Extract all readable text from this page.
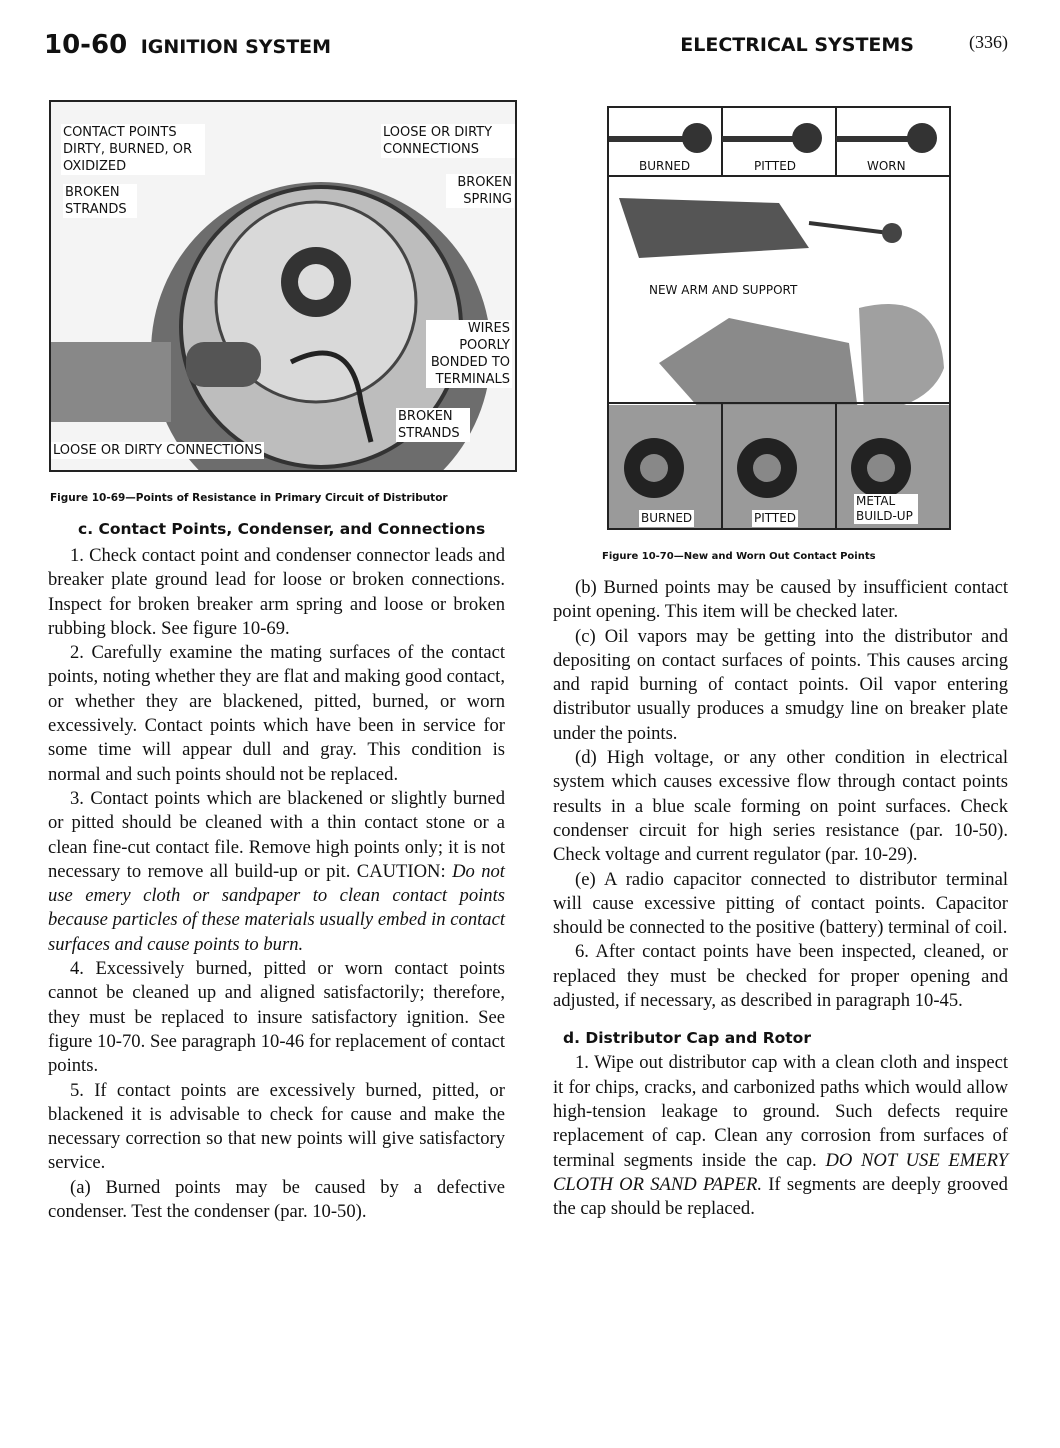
10-60 IGNITION SYSTEM	(336)
ELECTRICAL SYSTEMS
CONTACT POINTS DIRTY, BURNED, OR OXIDIZED
BROKEN STRANDS
LOOSE OR DIRTY CONNECTIONS
BROKEN SPRING
WIRES POORLY BONDED TO TERMINALS
BROKEN STRANDS
LOOSE OR DIRTY CONNECTIONS
Figure 10-69—Points of Resistance in Primary Circuit of Distributor
BURNED	PITTED	WORN
NEW ARM AND SUPPORT
BURNED	PITTED
METAL BUILD-UP
Figure 10-70—New and Worn Out Contact Points
c. Contact Points, Condenser, and Connections

1. Check contact point and condenser connector leads and breaker plate ground lead for loose or broken connections. Inspect for broken breaker arm spring and loose or broken rubbing block. See figure 10-69.

2. Carefully examine the mating surfaces of the contact points, noting whether they are flat and making good contact, or whether they are blackened, pitted, burned, or worn excessively. Contact points which have been in service for some time will appear dull and gray. This condition is normal and such points should not be replaced.

3. Contact points which are blackened or slightly burned or pitted should be cleaned with a thin contact stone or a clean fine-cut contact file. Remove high points only; it is not necessary to remove all build-up or pit. CAUTION: Do not use emery cloth or sandpaper to clean contact points because particles of these materials usually embed in contact surfaces and cause points to burn.

4. Excessively burned, pitted or worn contact points cannot be cleaned up and aligned satisfactorily; therefore, they must be replaced to insure satisfactory ignition. See figure 10-70. See paragraph 10-46 for replacement of contact points.

5. If contact points are excessively burned, pitted, or blackened it is advisable to check for cause and make the necessary correction so that new points will give satisfactory service.

(a) Burned points may be caused by a defective condenser. Test the condenser (par. 10-50).

(b) Burned points may be caused by insufficient contact point opening. This item will be checked later.

(c) Oil vapors may be getting into the distributor and depositing on contact surfaces of points. This causes arcing and rapid burning of contact points. Oil vapor entering distributor usually produces a smudgy line on breaker plate under the points.

(d) High voltage, or any other condition in electrical system which causes excessive flow through contact points results in a blue scale forming on point surfaces. Check condenser circuit for high series resistance (par. 10-50). Check voltage and current regulator (par. 10-29).

(e) A radio capacitor connected to distributor terminal will cause excessive pitting of contact points. Capacitor should be connected to the positive (battery) terminal of coil.

6. After contact points have been inspected, cleaned, or replaced they must be checked for proper opening and adjusted, if necessary, as described in paragraph 10-45.

d. Distributor Cap and Rotor

1. Wipe out distributor cap with a clean cloth and inspect it for chips, cracks, and carbonized paths which would allow high-tension leakage to ground. Such defects require replacement of cap. Clean any corrosion from surfaces of terminal segments inside the cap. DO NOT USE EMERY CLOTH OR SAND PAPER. If segments are deeply grooved the cap should be replaced.
